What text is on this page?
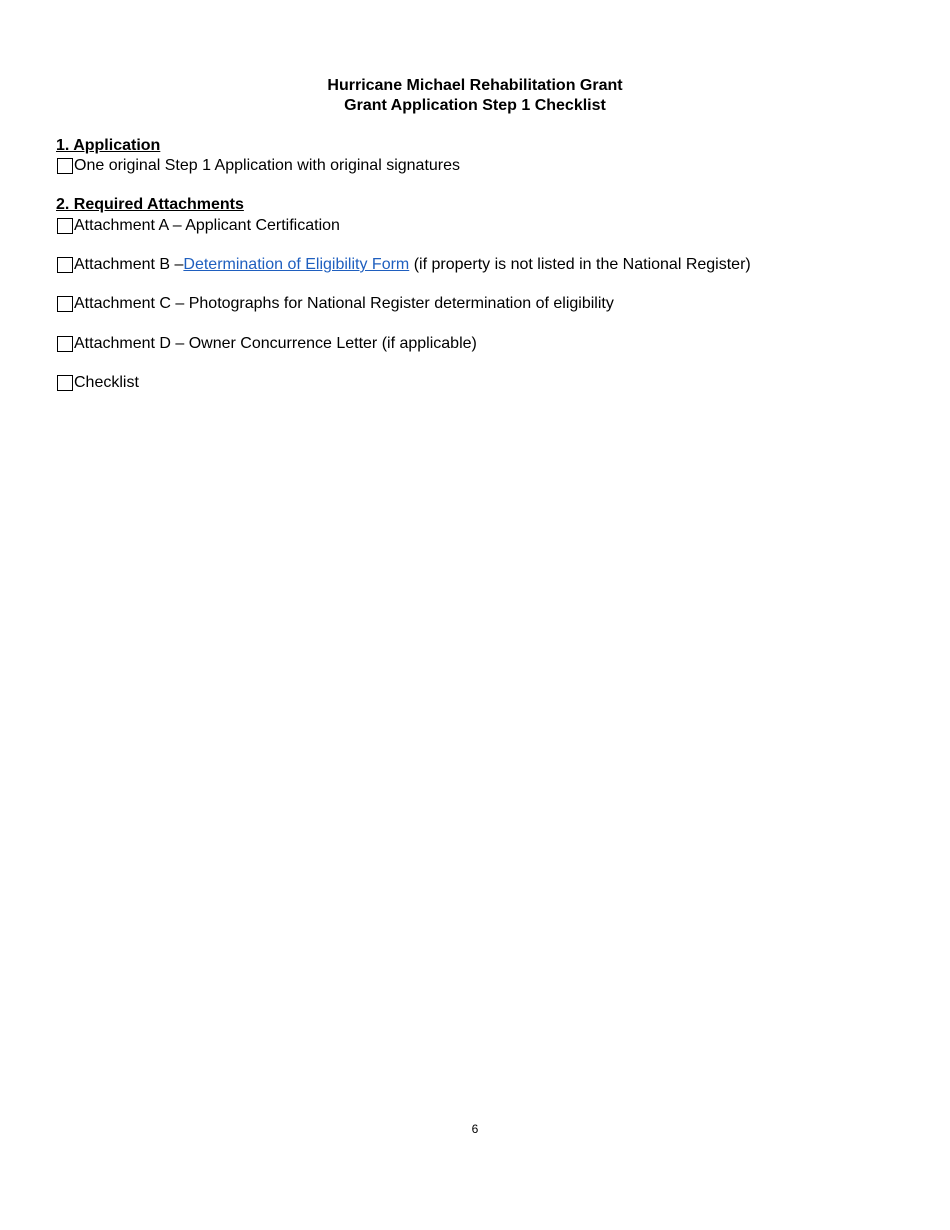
Hurricane Michael Rehabilitation Grant
Grant Application Step 1 Checklist
1. Application
One original Step 1 Application with original signatures
2. Required Attachments
Attachment A – Applicant Certification
Attachment B – Determination of Eligibility Form (if property is not listed in the National Register)
Attachment C – Photographs for National Register determination of eligibility
Attachment D – Owner Concurrence Letter (if applicable)
Checklist
6
